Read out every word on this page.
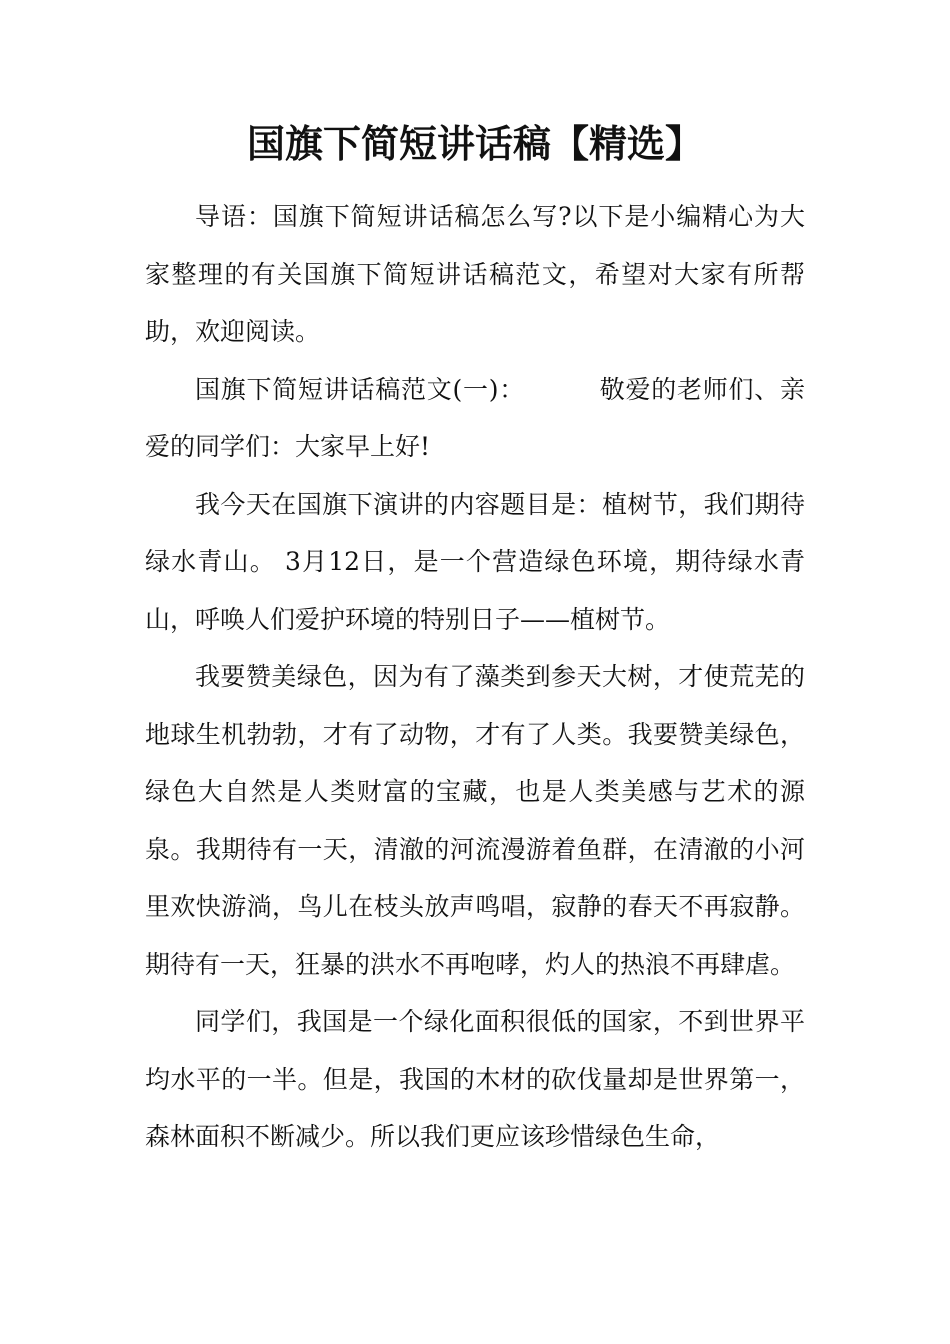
国旗下简短讲话稿【精选】

导语：国旗下简短讲话稿怎么写?以下是小编精心为大家整理的有关国旗下简短讲话稿范文，希望对大家有所帮助，欢迎阅读。

国旗下简短讲话稿范文(一)：	敬爱的老师们、亲爱的同学们：大家早上好!

我今天在国旗下演讲的内容题目是：植树节，我们期待绿水青山。 3月12日，是一个营造绿色环境，期待绿水青山，呼唤人们爱护环境的特别日子——植树节。

我要赞美绿色，因为有了藻类到参天大树，才使荒芜的地球生机勃勃，才有了动物，才有了人类。我要赞美绿色，绿色大自然是人类财富的宝藏，也是人类美感与艺术的源泉。我期待有一天，清澈的河流漫游着鱼群，在清澈的小河里欢快游淌，鸟儿在枝头放声鸣唱，寂静的春天不再寂静。 期待有一天，狂暴的洪水不再咆哮，灼人的热浪不再肆虐。

同学们，我国是一个绿化面积很低的国家，不到世界平均水平的一半。但是，我国的木材的砍伐量却是世界第一，森林面积不断减少。所以我们更应该珍惜绿色生命，
